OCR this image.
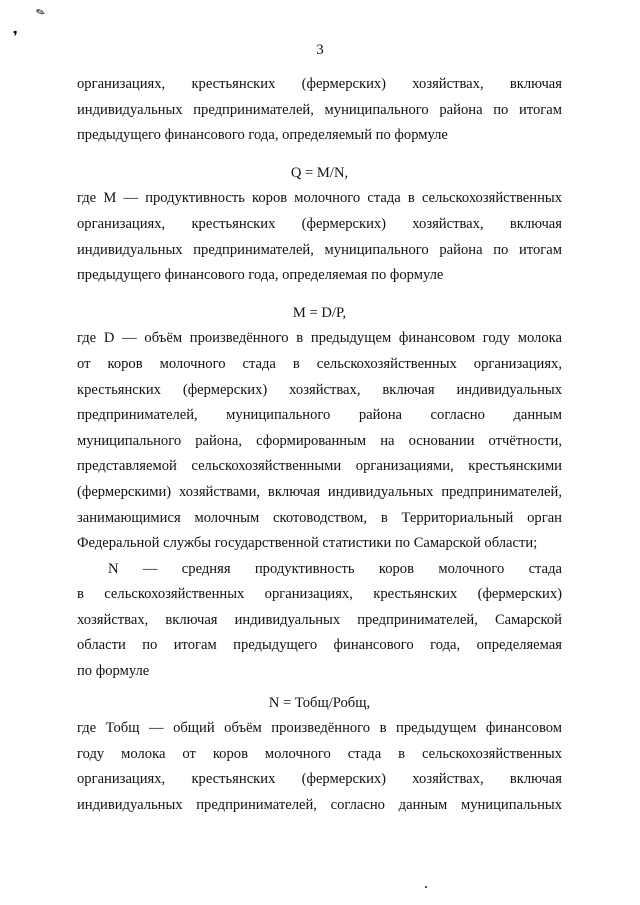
✎
❜
3
организациях, крестьянских (фермерских) хозяйствах, включая
индивидуальных предпринимателей, муниципального района по итогам
предыдущего финансового года, определяемый по формуле
Q = M/N,
где М — продуктивность коров молочного стада в сельскохозяйственных
организациях, крестьянских (фермерских) хозяйствах, включая
индивидуальных предпринимателей, муниципального района по итогам
предыдущего финансового года, определяемая по формуле
M = D/P,
где D — объём произведённого в предыдущем финансовом году молока
от коров молочного стада в сельскохозяйственных организациях,
крестьянских (фермерских) хозяйствах, включая индивидуальных
предпринимателей, муниципального района согласно данным
муниципального района, сформированным на основании отчётности,
представляемой сельскохозяйственными организациями, крестьянскими
(фермерскими) хозяйствами, включая индивидуальных предпринимателей,
занимающимися молочным скотоводством, в Территориальный орган
Федеральной службы государственной статистики по Самарской области;
N — средняя продуктивность коров молочного стада
в сельскохозяйственных организациях, крестьянских (фермерских)
хозяйствах, включая индивидуальных предпринимателей, Самарской
области по итогам предыдущего финансового года, определяемая
по формуле
N = Тобщ/Робщ,
где Тобщ — общий объём произведённого в предыдущем финансовом
году молока от коров молочного стада в сельскохозяйственных
организациях, крестьянских (фермерских) хозяйствах, включая
индивидуальных предпринимателей, согласно данным муниципальных
